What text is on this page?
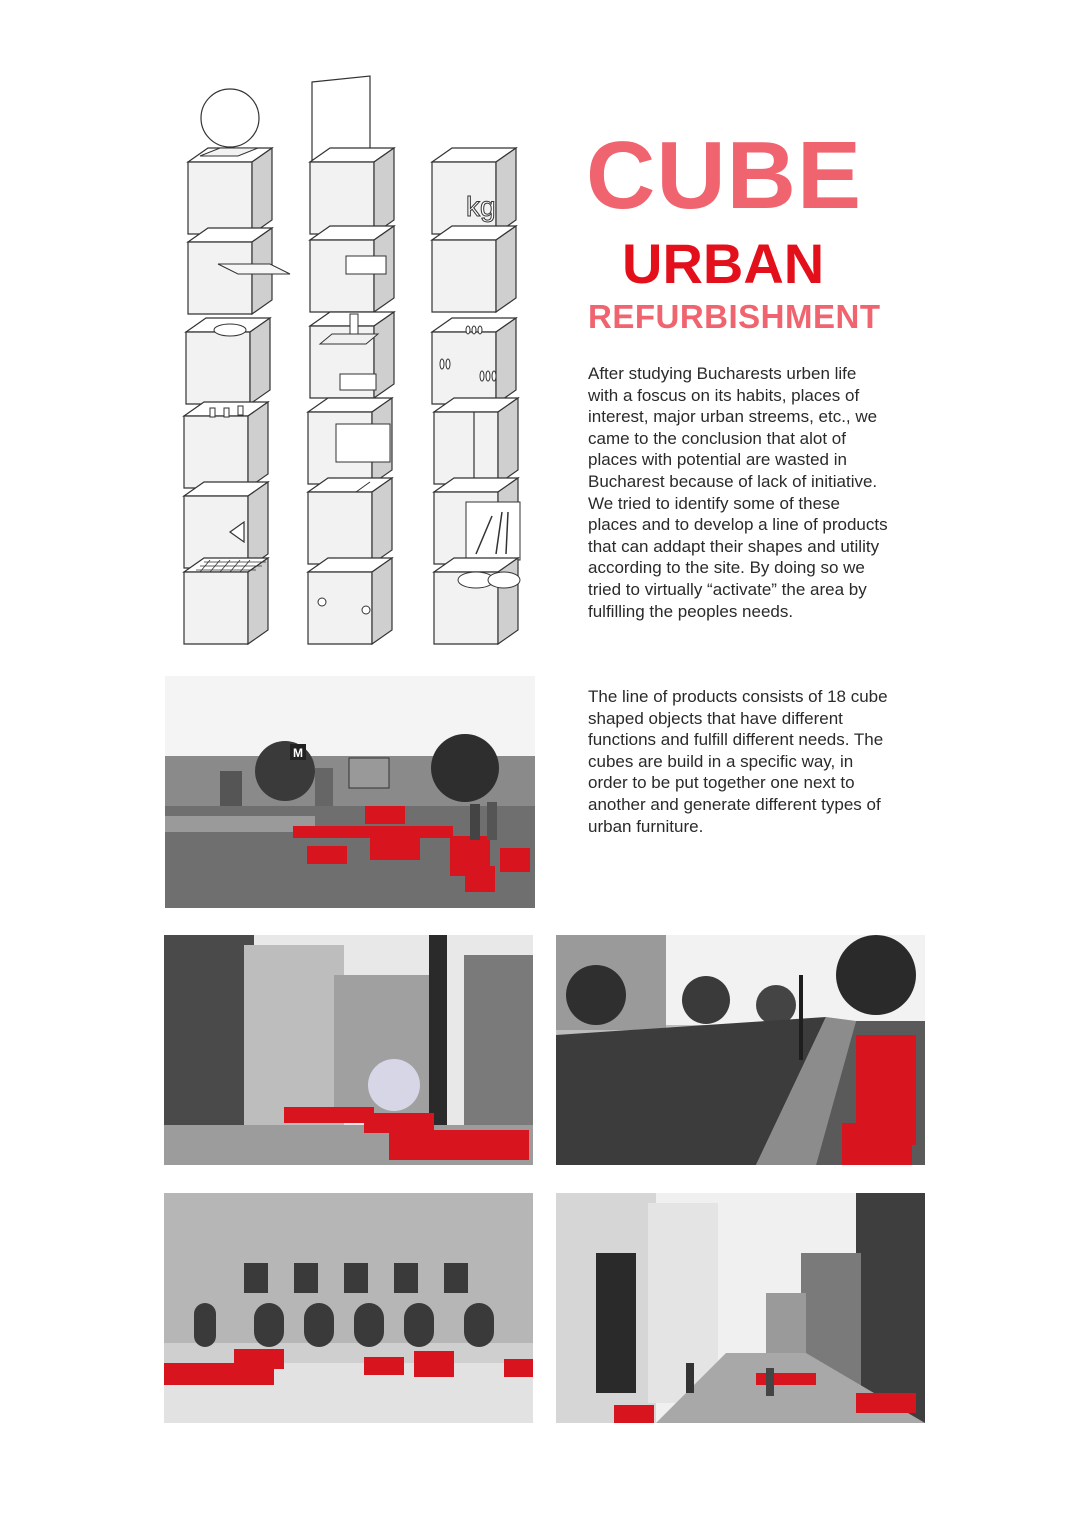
kg CUBE
URBAN
REFURBISHMENT

After studying Bucharests urben life with a foscus on its habits, places of interest, major urban streems, etc., we came to the conclusion that alot of places with potential are wasted in Bucharest because of lack of initiative. We tried to identify some of these places and to develop a line of products that can addapt their shapes and utility according to the site. By doing so we tried to virtually “activate” the area by fulfilling the peoples needs.

The line of products consists of 18 cube shaped objects that have different functions and fulfill different needs. The cubes are build in a specific way, in order to be put together one next to another and generate different types of urban furniture.

M
